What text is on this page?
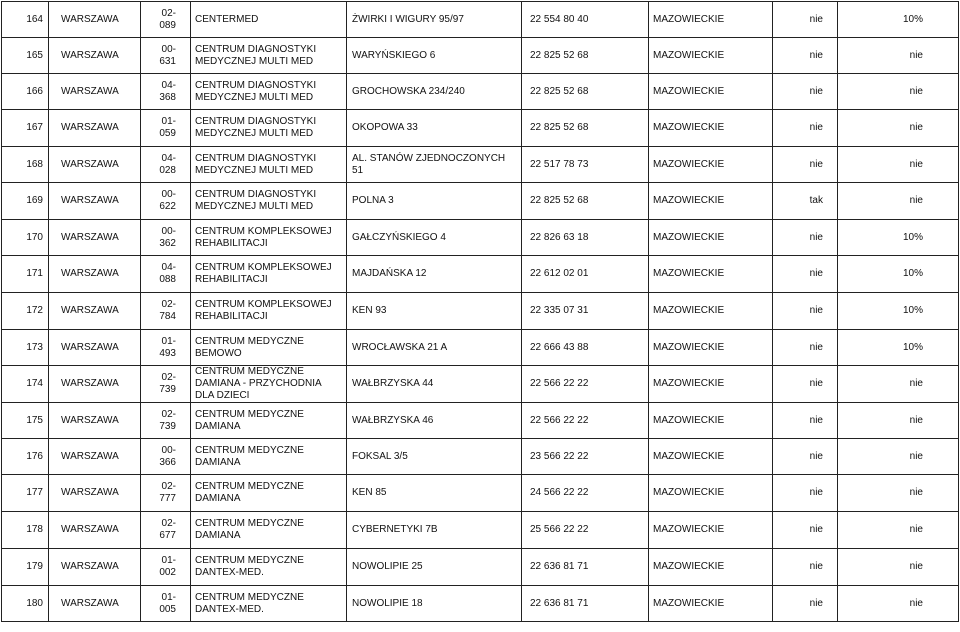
164	WARSZAWA	02-089	CENTERMED	ŻWIRKI I WIGURY 95/97	22 554 80 40	MAZOWIECKIE	nie	10%
165	WARSZAWA	00-631	CENTRUM DIAGNOSTYKI MEDYCZNEJ MULTI MED	WARYŃSKIEGO 6	22 825 52 68	MAZOWIECKIE	nie	nie
166	WARSZAWA	04-368	CENTRUM DIAGNOSTYKI MEDYCZNEJ MULTI MED	GROCHOWSKA 234/240	22 825 52 68	MAZOWIECKIE	nie	nie
167	WARSZAWA	01-059	CENTRUM DIAGNOSTYKI MEDYCZNEJ MULTI MED	OKOPOWA 33	22 825 52 68	MAZOWIECKIE	nie	nie
168	WARSZAWA	04-028	CENTRUM DIAGNOSTYKI MEDYCZNEJ MULTI MED	AL. STANÓW ZJEDNOCZONYCH 51	22 517 78 73	MAZOWIECKIE	nie	nie
169	WARSZAWA	00-622	CENTRUM DIAGNOSTYKI MEDYCZNEJ MULTI MED	POLNA 3	22 825 52 68	MAZOWIECKIE	tak	nie
170	WARSZAWA	00-362	CENTRUM KOMPLEKSOWEJ REHABILITACJI	GAŁCZYŃSKIEGO 4	22 826 63 18	MAZOWIECKIE	nie	10%
171	WARSZAWA	04-088	CENTRUM KOMPLEKSOWEJ REHABILITACJI	MAJDAŃSKA 12	22 612 02 01	MAZOWIECKIE	nie	10%
172	WARSZAWA	02-784	CENTRUM KOMPLEKSOWEJ REHABILITACJI	KEN 93	22 335 07 31	MAZOWIECKIE	nie	10%
173	WARSZAWA	01-493	CENTRUM MEDYCZNE BEMOWO	WROCŁAWSKA 21 A	22 666 43 88	MAZOWIECKIE	nie	10%
174	WARSZAWA	02-739	CENTRUM MEDYCZNE DAMIANA - PRZYCHODNIA DLA DZIECI	WAŁBRZYSKA 44	22 566 22 22	MAZOWIECKIE	nie	nie
175	WARSZAWA	02-739	CENTRUM MEDYCZNE DAMIANA	WAŁBRZYSKA 46	22 566 22 22	MAZOWIECKIE	nie	nie
176	WARSZAWA	00-366	CENTRUM MEDYCZNE DAMIANA	FOKSAL 3/5	23 566 22 22	MAZOWIECKIE	nie	nie
177	WARSZAWA	02-777	CENTRUM MEDYCZNE DAMIANA	KEN 85	24 566 22 22	MAZOWIECKIE	nie	nie
178	WARSZAWA	02-677	CENTRUM MEDYCZNE DAMIANA	CYBERNETYKI 7B	25 566 22 22	MAZOWIECKIE	nie	nie
179	WARSZAWA	01-002	CENTRUM MEDYCZNE DANTEX-MED.	NOWOLIPIE 25	22 636 81 71	MAZOWIECKIE	nie	nie
180	WARSZAWA	01-005	CENTRUM MEDYCZNE DANTEX-MED.	NOWOLIPIE 18	22 636 81 71	MAZOWIECKIE	nie	nie
